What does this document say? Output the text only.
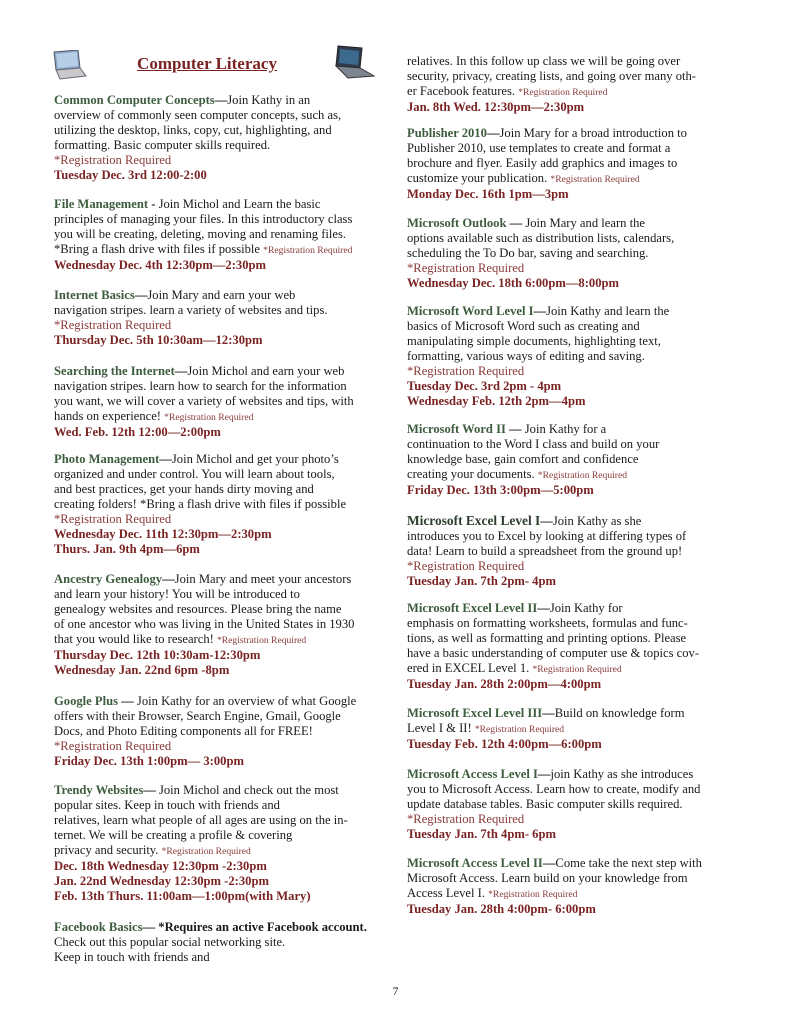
Computer Literacy

Common Computer Concepts—Join Kathy in an
overview of commonly seen computer concepts, such as,
utilizing the desktop, links, copy, cut, highlighting, and
formatting. Basic computer skills required.

*Registration Required

Tuesday Dec. 3rd 12:00-2:00

File Management - Join Michol and Learn the basic
principles of managing your files. In this introductory class
you will be creating, deleting, moving and renaming files.
*Bring a flash drive with files if possible *Registration Required

Wednesday Dec. 4th 12:30pm—2:30pm

Internet Basics—Join Mary and earn your web
navigation stripes. learn a variety of websites and tips.

*Registration Required

Thursday Dec. 5th 10:30am—12:30pm

Searching the Internet—Join Michol and earn your web
navigation stripes. learn how to search for the information
you want, we will cover a variety of websites and tips, with
hands on experience! *Registration Required

Wed. Feb. 12th 12:00—2:00pm

Photo Management—Join Michol and get your photo’s
organized and under control. You will learn about tools,
and best practices, get your hands dirty moving and
creating folders! *Bring a flash drive with files if possible

*Registration Required

Wednesday Dec. 11th 12:30pm—2:30pm

Thurs. Jan. 9th 4pm—6pm

Ancestry Genealogy—Join Mary and meet your ancestors
and learn your history! You will be introduced to
genealogy websites and resources. Please bring the name
of one ancestor who was living in the United States in 1930
that you would like to research! *Registration Required

Thursday Dec. 12th 10:30am-12:30pm

Wednesday Jan. 22nd 6pm -8pm

Google Plus — Join Kathy for an overview of what Google
offers with their Browser, Search Engine, Gmail, Google
Docs, and Photo Editing components all for FREE!

*Registration Required

Friday Dec. 13th 1:00pm— 3:00pm

Trendy Websites— Join Michol and check out the most
popular sites. Keep in touch with friends and
relatives, learn what people of all ages are using on the in-
ternet. We will be creating a profile & covering
privacy and security. *Registration Required

Dec. 18th Wednesday 12:30pm -2:30pm

Jan. 22nd Wednesday 12:30pm -2:30pm

Feb. 13th Thurs. 11:00am—1:00pm(with Mary)

Facebook Basics— *Requires an active Facebook account. Check out this popular social networking site.
Keep in touch with friends and

relatives. In this follow up class we will be going over
security, privacy, creating lists, and going over many oth-
er Facebook features. *Registration Required

Jan. 8th Wed. 12:30pm—2:30pm

Publisher 2010—Join Mary for a broad introduction to
Publisher 2010, use templates to create and format a
brochure and flyer. Easily add graphics and images to
customize your publication. *Registration Required

Monday Dec. 16th 1pm—3pm

Microsoft Outlook — Join Mary and learn the
options available such as distribution lists, calendars,
scheduling the To Do bar, saving and searching.

*Registration Required

Wednesday Dec. 18th 6:00pm—8:00pm

Microsoft Word Level I—Join Kathy and learn the
basics of Microsoft Word such as creating and
manipulating simple documents, highlighting text,
formatting, various ways of editing and saving.

*Registration Required

Tuesday Dec. 3rd 2pm - 4pm

Wednesday Feb. 12th 2pm—4pm

Microsoft Word II — Join Kathy for a
continuation to the Word I class and build on your
knowledge base, gain comfort and confidence
creating your documents. *Registration Required

Friday Dec. 13th 3:00pm—5:00pm

Microsoft Excel Level I—Join Kathy as she
introduces you to Excel by looking at differing types of
data! Learn to build a spreadsheet from the ground up!

*Registration Required

Tuesday Jan. 7th 2pm- 4pm

Microsoft Excel Level II—Join Kathy for
emphasis on formatting worksheets, formulas and func-
tions, as well as formatting and printing options. Please
have a basic understanding of computer use & topics cov-
ered in EXCEL Level 1. *Registration Required

Tuesday Jan. 28th 2:00pm—4:00pm

Microsoft Excel Level III—Build on knowledge form
Level I & II! *Registration Required

Tuesday Feb. 12th 4:00pm—6:00pm

Microsoft Access Level I—join Kathy as she introduces
you to Microsoft Access. Learn how to create, modify and
update database tables. Basic computer skills required.

*Registration Required

Tuesday Jan. 7th 4pm- 6pm

Microsoft Access Level II—Come take the next step with
Microsoft Access. Learn build on your knowledge from
Access Level I. *Registration Required

Tuesday Jan. 28th 4:00pm- 6:00pm

7
